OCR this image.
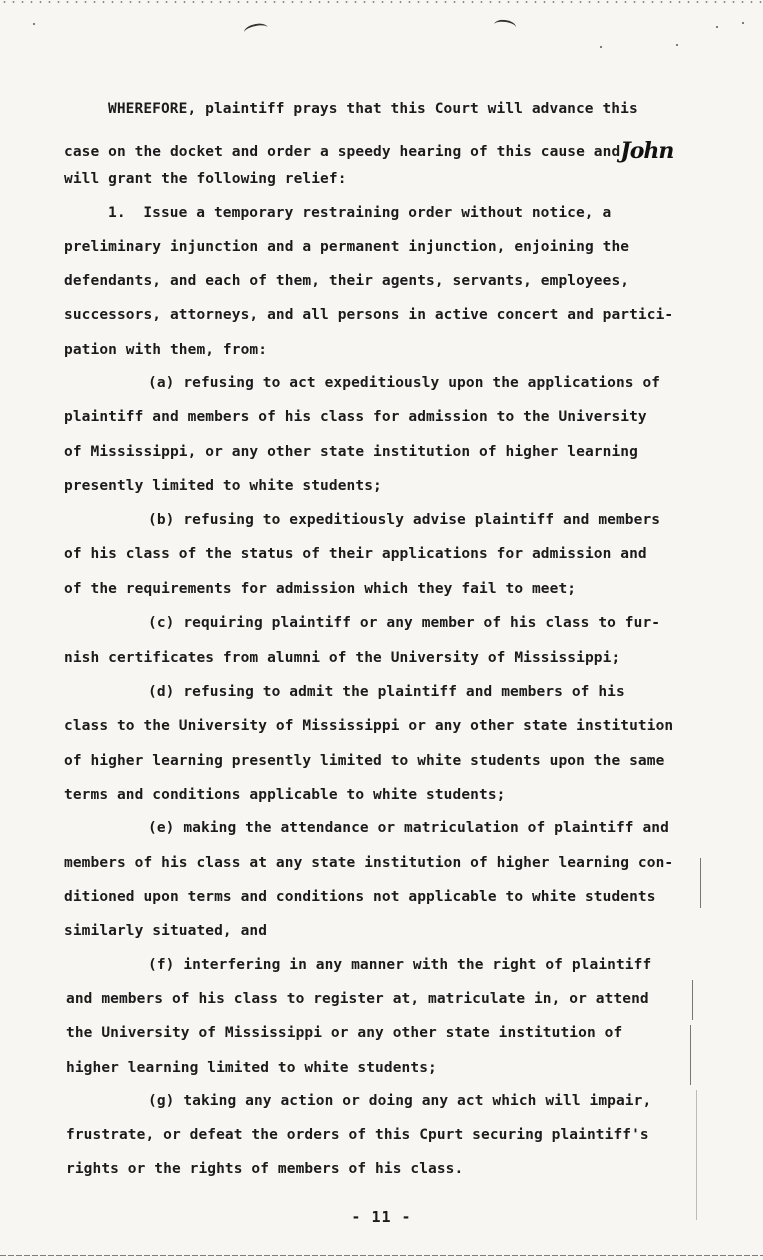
WHEREFORE, plaintiff prays that this Court will advance this

case on the docket and order a speedy hearing of this cause andJohn

will grant the following relief:

1.  Issue a temporary restraining order without notice, a

preliminary injunction and a permanent injunction, enjoining the

defendants, and each of them, their agents, servants, employees,

successors, attorneys, and all persons in active concert and partici-

pation with them, from:

(a) refusing to act expeditiously upon the applications of

plaintiff and members of his class for admission to the University

of Mississippi, or any other state institution of higher learning

presently limited to white students;

(b) refusing to expeditiously advise plaintiff and members

of his class of the status of their applications for admission and

of the requirements for admission which they fail to meet;

(c) requiring plaintiff or any member of his class to fur-

nish certificates from alumni of the University of Mississippi;

(d) refusing to admit the plaintiff and members of his

class to the University of Mississippi or any other state institution

of higher learning presently limited to white students upon the same

terms and conditions applicable to white students;

(e) making the attendance or matriculation of plaintiff and

members of his class at any state institution of higher learning con-

ditioned upon terms and conditions not applicable to white students

similarly situated, and

(f) interfering in any manner with the right of plaintiff

and members of his class to register at, matriculate in, or attend

the University of Mississippi or any other state institution of

higher learning limited to white students;

(g) taking any action or doing any act which will impair,

frustrate, or defeat the orders of this Cpurt securing plaintiff's

rights or the rights of members of his class.

- 11 -
